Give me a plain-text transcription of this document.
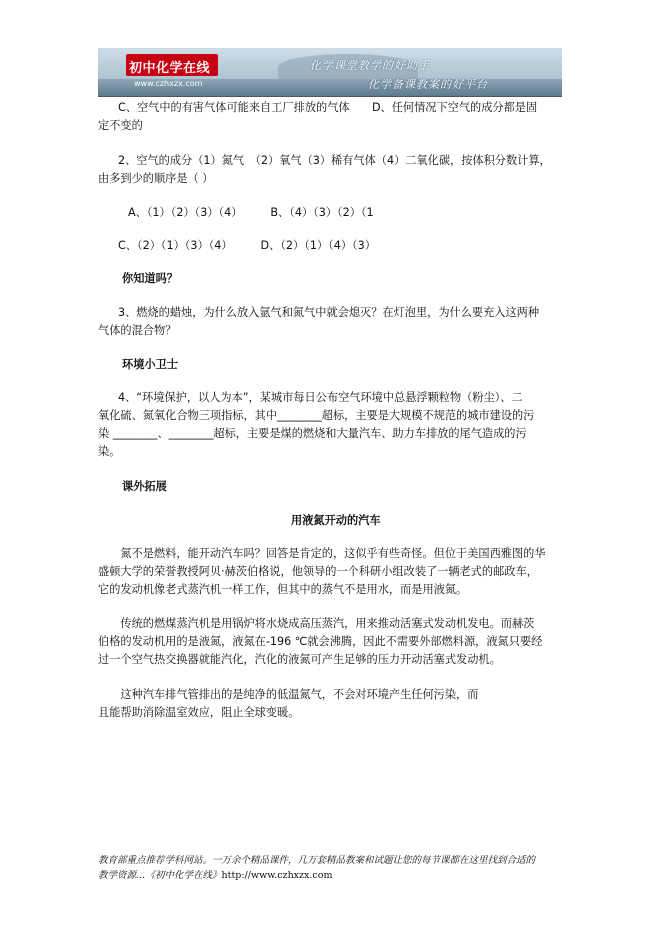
初中化学在线
www.czhxzx.com
化学课堂教学的好助手
化学备课教案的好平台

C、空气中的有害气体可能来自工厂排放的气体　　D、任何情况下空气的成分都是固

定不变的

2、空气的成分（1）氮气　（2）氧气（3）稀有气体（4）二氧化碳，按体积分数计算，

由多到少的顺序是（ ）

A、（1）（2）（3）（4）　　　B、（4）（3）（2）（1

C、（2）（1）（3）（4）　　　D、（2）（1）（4）（3）

你知道吗？

3、燃烧的蜡烛，为什么放入氩气和氮气中就会熄灭？在灯泡里，为什么要充入这两种

气体的混合物？

环境小卫士

4、“环境保护，以人为本”，某城市每日公布空气环境中总悬浮颗粒物（粉尘）、二

氧化硫、氮氧化合物三项指标，其中________超标，主要是大规模不规范的城市建设的污

染 ________、________超标，主要是煤的燃烧和大量汽车、助力车排放的尾气造成的污

染。

课外拓展

用液氮开动的汽车

　　氮不是燃料，能开动汽车吗？回答是肯定的，这似乎有些奇怪。但位于美国西雅图的华

盛顿大学的荣誉教授阿贝·赫茨伯格说，他领导的一个科研小组改装了一辆老式的邮政车，

它的发动机像老式蒸汽机一样工作，但其中的蒸气不是用水，而是用液氮。

　　传统的燃煤蒸汽机是用锅炉将水烧成高压蒸汽，用来推动活塞式发动机发电。而赫茨

伯格的发动机用的是液氮，液氮在-196 ℃就会沸腾，因此不需要外部燃料源，液氮只要经

过一个空气热交换器就能汽化，汽化的液氮可产生足够的压力开动活塞式发动机。

　　这种汽车排气管排出的是纯净的低温氮气，不会对环境产生任何污染，而

且能帮助消除温室效应，阻止全球变暖。

教育部重点推荐学科网站。一万余个精品课件，几万套精品教案和试题让您的每节课都在这里找到合适的
教学资源…《初中化学在线》http://www.czhxzx.com
